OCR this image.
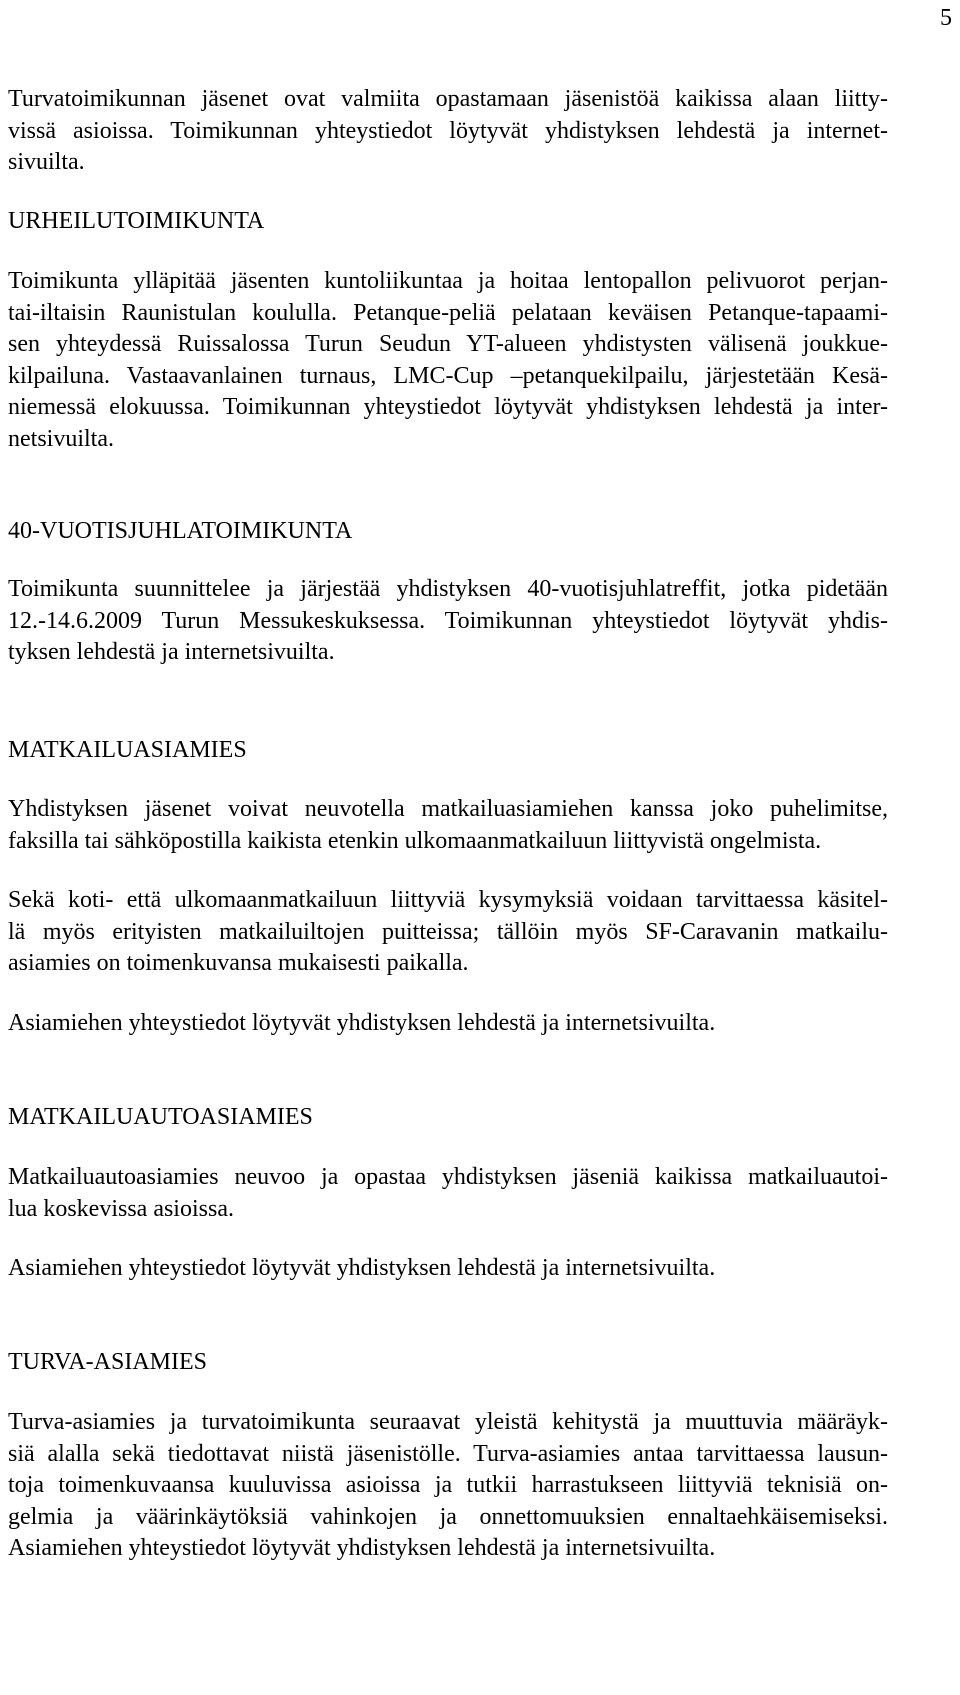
5
Turvatoimikunnan jäsenet ovat valmiita opastamaan jäsenistöä kaikissa alaan liitty-
vissä asioissa. Toimikunnan yhteystiedot löytyvät yhdistyksen lehdestä ja internet-
sivuilta.
URHEILUTOIMIKUNTA
Toimikunta ylläpitää jäsenten kuntoliikuntaa ja hoitaa lentopallon pelivuorot perjan-
tai-iltaisin Raunistulan koululla. Petanque-peliä pelataan keväisen Petanque-tapaami-
sen yhteydessä Ruissalossa Turun Seudun YT-alueen yhdistysten välisenä joukkue-
kilpailuna. Vastaavanlainen turnaus, LMC-Cup –petanquekilpailu, järjestetään Kesä-
niemessä elokuussa. Toimikunnan yhteystiedot löytyvät yhdistyksen lehdestä ja inter-
netsivuilta.
40-VUOTISJUHLATOIMIKUNTA
Toimikunta suunnittelee ja järjestää yhdistyksen 40-vuotisjuhlatreffit, jotka pidetään
12.-14.6.2009 Turun Messukeskuksessa. Toimikunnan yhteystiedot löytyvät yhdis-
tyksen lehdestä ja internetsivuilta.
MATKAILUASIAMIES
Yhdistyksen jäsenet voivat neuvotella matkailuasiamiehen kanssa joko puhelimitse,
faksilla tai sähköpostilla kaikista etenkin ulkomaanmatkailuun liittyvistä ongelmista.
Sekä koti- että ulkomaanmatkailuun liittyviä kysymyksiä voidaan tarvittaessa käsitel-
lä myös erityisten matkailuiltojen puitteissa; tällöin myös SF-Caravanin matkailu-
asiamies on toimenkuvansa mukaisesti paikalla.
Asiamiehen yhteystiedot löytyvät yhdistyksen lehdestä ja internetsivuilta.
MATKAILUAUTOASIAMIES
Matkailuautoasiamies neuvoo ja opastaa yhdistyksen jäseniä kaikissa matkailuautoi-
lua koskevissa asioissa.
Asiamiehen yhteystiedot löytyvät yhdistyksen lehdestä ja internetsivuilta.
TURVA-ASIAMIES
Turva-asiamies ja turvatoimikunta seuraavat yleistä kehitystä ja muuttuvia määräyk-
siä alalla sekä tiedottavat niistä jäsenistölle. Turva-asiamies antaa tarvittaessa lausun-
toja toimenkuvaansa kuuluvissa asioissa ja tutkii harrastukseen liittyviä teknisiä on-
gelmia ja väärinkäytöksiä vahinkojen ja onnettomuuksien ennaltaehkäisemiseksi.
Asiamiehen yhteystiedot löytyvät yhdistyksen lehdestä ja internetsivuilta.
